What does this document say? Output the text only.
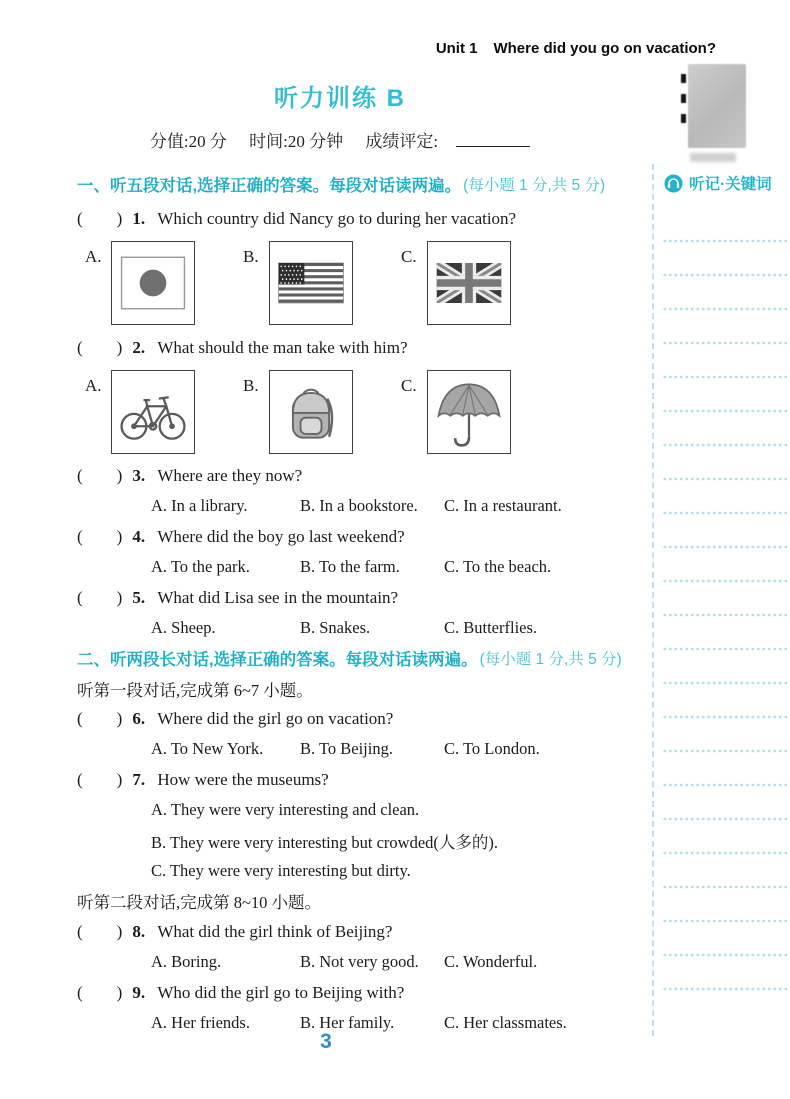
Unit 1 Where did you go on vacation?
听力训练 B
分值:20 分 时间:20 分钟 成绩评定:
一、听五段对话,选择正确的答案。每段对话读两遍。 (每小题 1 分,共 5 分)
(        ) 1. Which country did Nancy go to during her vacation?
A.	B.	C.
(        ) 2. What should the man take with him?
A.	B.	C.
(        ) 3. Where are they now?
A. In a library.	B. In a bookstore.	C. In a restaurant.
(        ) 4. Where did the boy go last weekend?
A. To the park.	B. To the farm.	C. To the beach.
(        ) 5. What did Lisa see in the mountain?
A. Sheep.	B. Snakes.	C. Butterflies.
二、听两段长对话,选择正确的答案。每段对话读两遍。 (每小题 1 分,共 5 分)
听第一段对话,完成第 6~7 小题。
(        ) 6. Where did the girl go on vacation?
A. To New York.	B. To Beijing.	C. To London.
(        ) 7. How were the museums?
A. They were very interesting and clean.
B. They were very interesting but crowded(人多的).
C. They were very interesting but dirty.
听第二段对话,完成第 8~10 小题。
(        ) 8. What did the girl think of Beijing?
A. Boring.	B. Not very good.	C. Wonderful.
(        ) 9. Who did the girl go to Beijing with?
A. Her friends.	B. Her family.	C. Her classmates.
听记·关键词
3
